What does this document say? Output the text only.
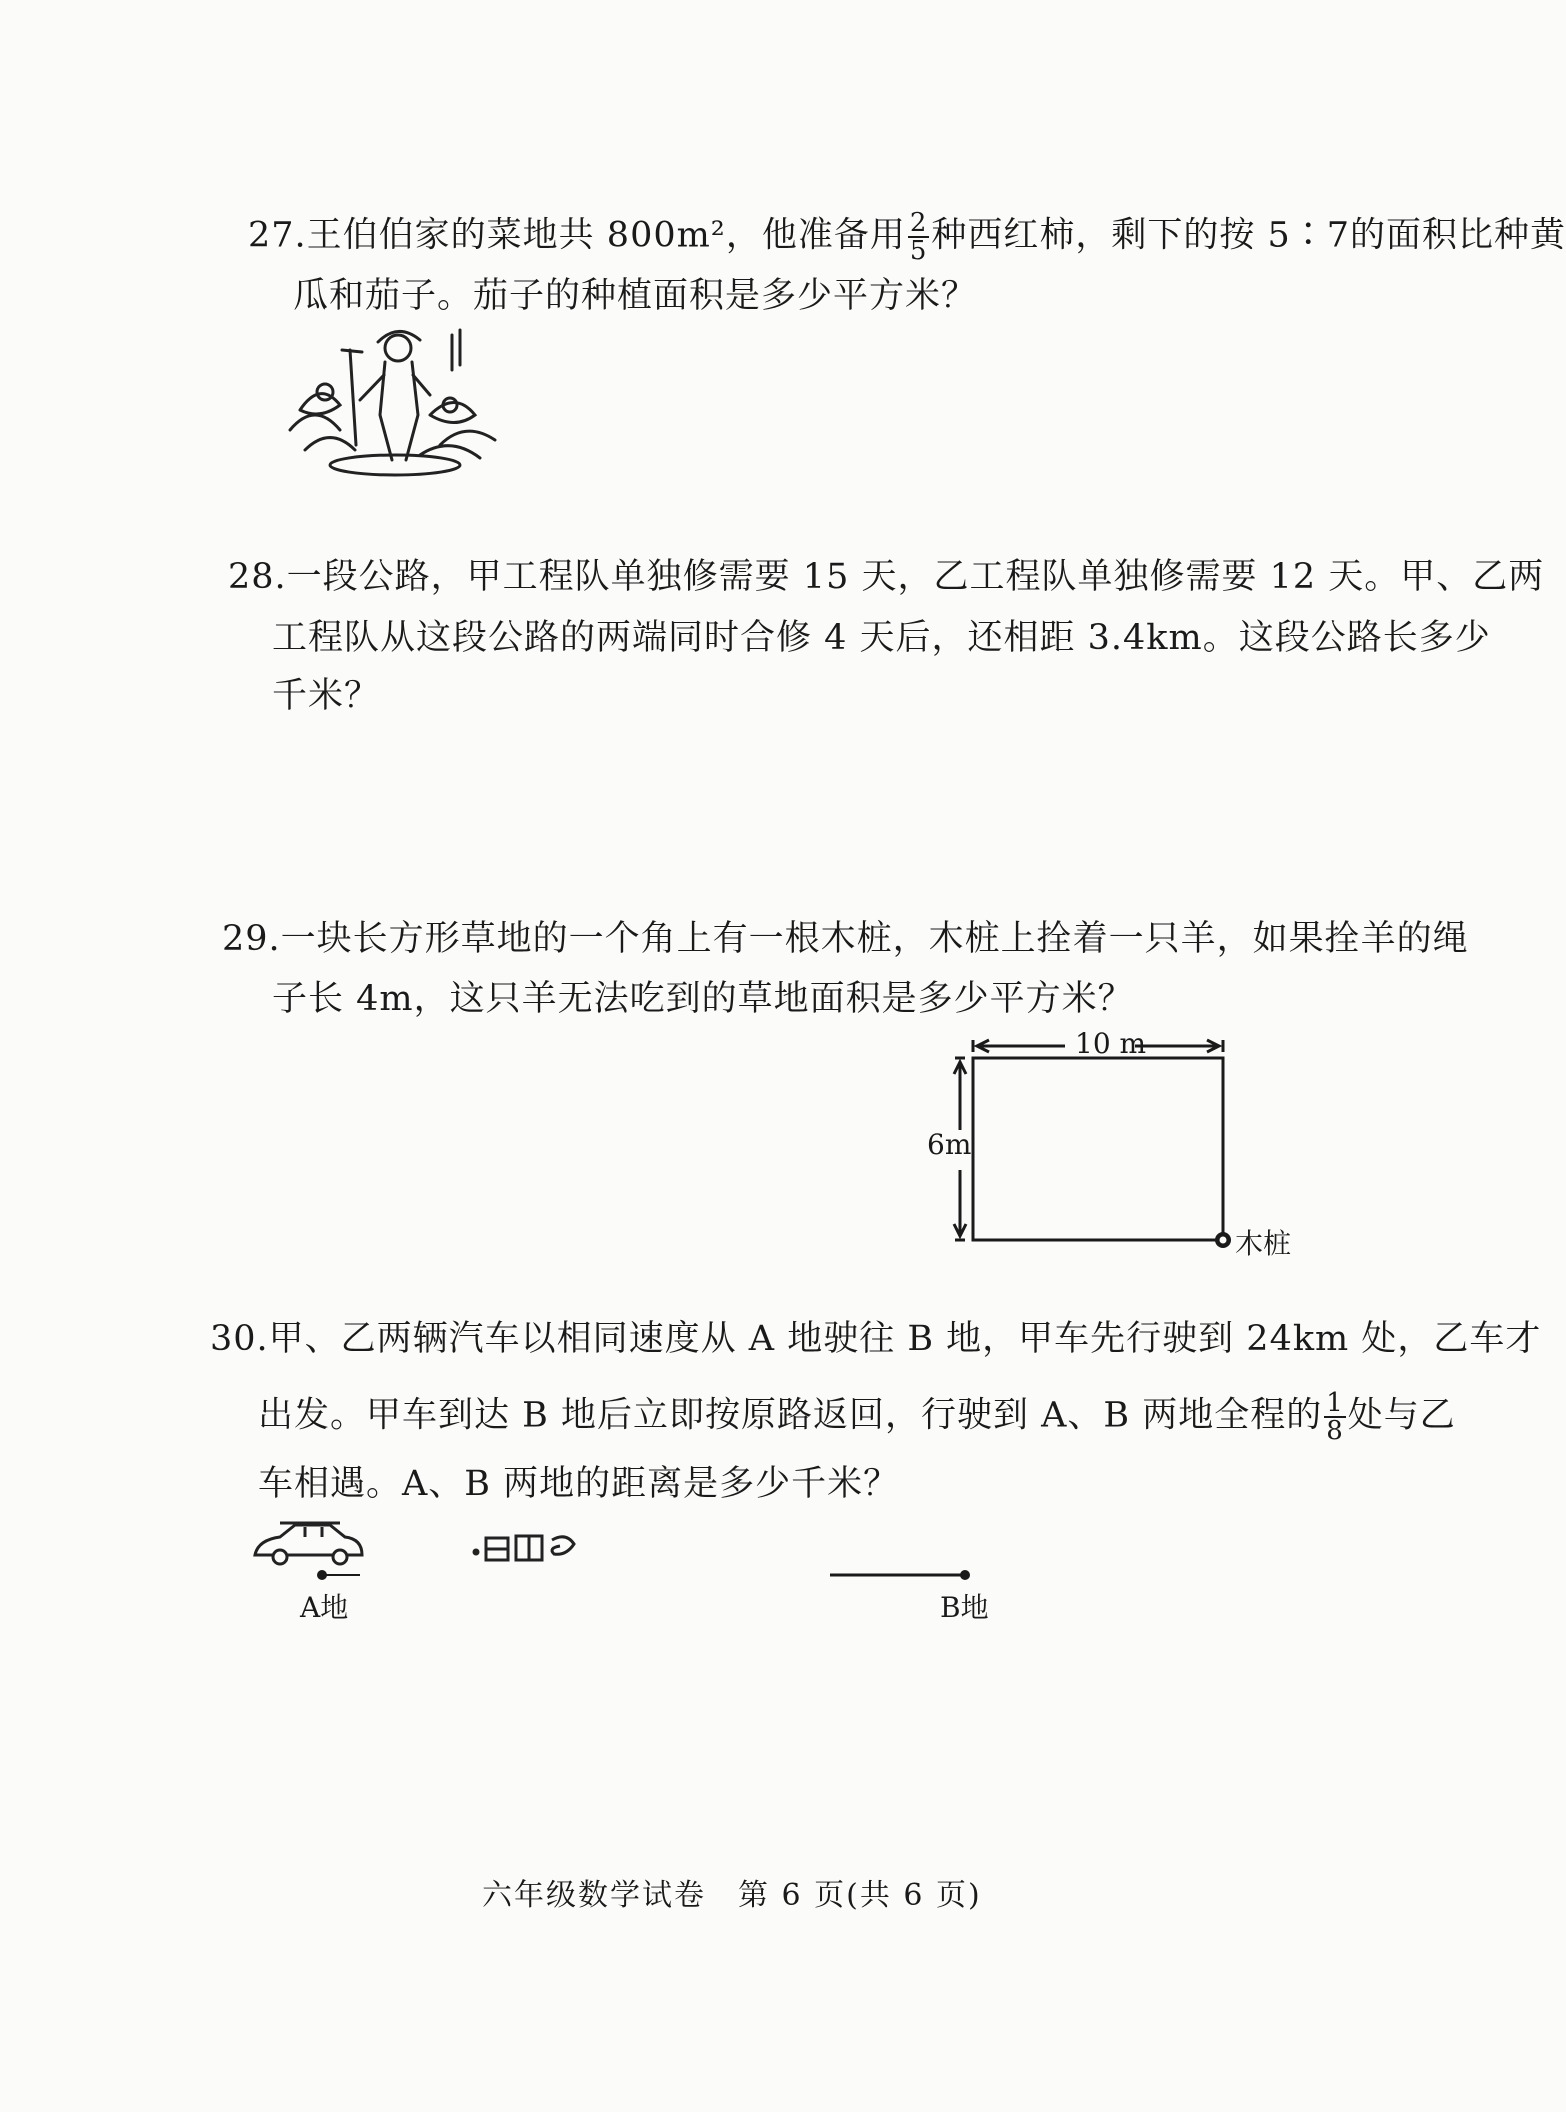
27.王伯伯家的菜地共 800m²，他准备用 $\frac{2}{5}$ 种西红柿，剩下的按 5∶7的面积比种黄
瓜和茄子。茄子的种植面积是多少平方米？
28.一段公路，甲工程队单独修需要 15 天，乙工程队单独修需要 12 天。甲、乙两
工程队从这段公路的两端同时合修 4 天后，还相距 3.4km。这段公路长多少
千米？
29.一块长方形草地的一个角上有一根木桩，木桩上拴着一只羊，如果拴羊的绳
子长 4m，这只羊无法吃到的草地面积是多少平方米？
10 m
6m
木桩
30.甲、乙两辆汽车以相同速度从 A 地驶往 B 地，甲车先行驶到 24km 处，乙车才
出发。甲车到达 B 地后立即按原路返回，行驶到 A、B 两地全程的 $\frac{1}{8}$ 处与乙
车相遇。A、B 两地的距离是多少千米？
A地	B地
六年级数学试卷　第 6 页(共 6 页)
